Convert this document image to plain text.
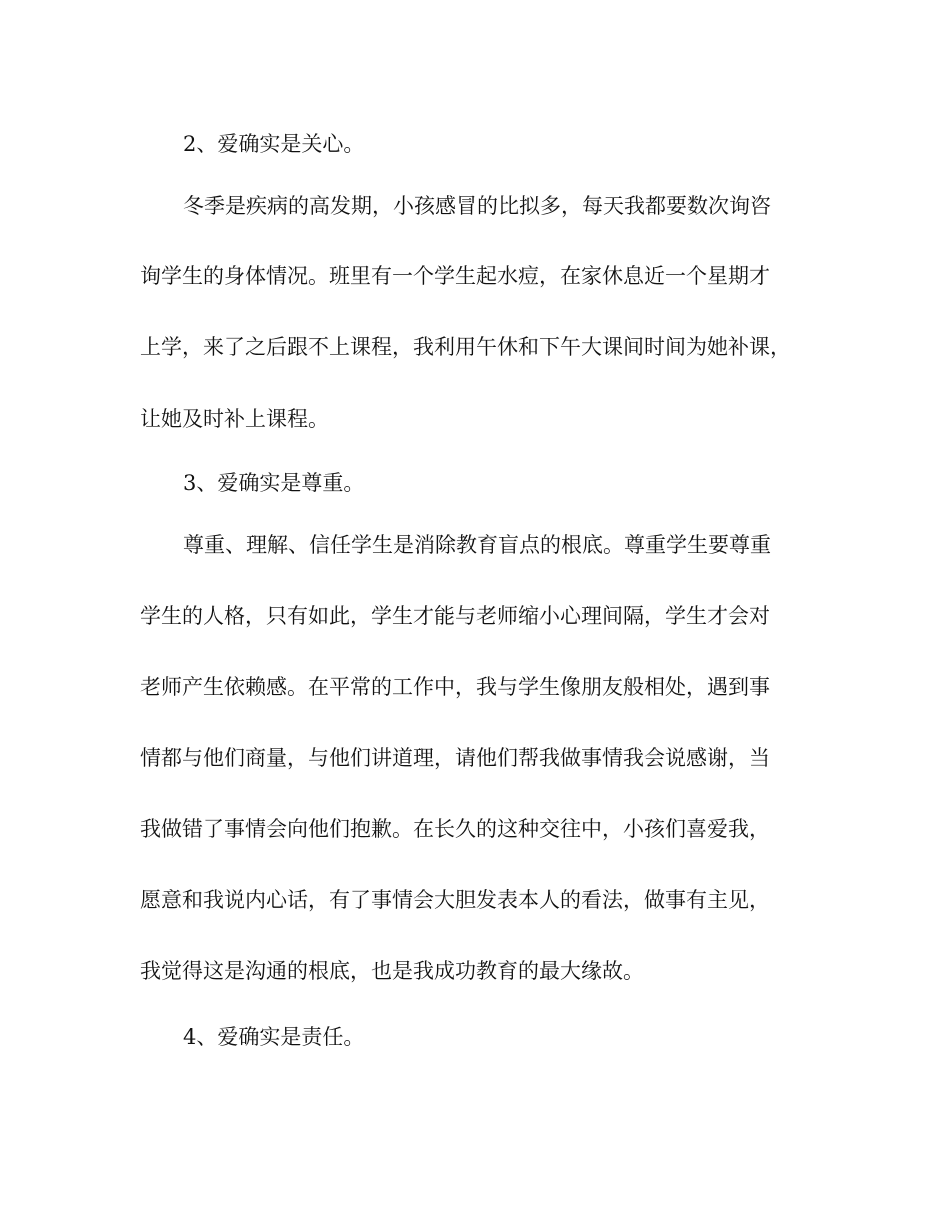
2、爱确实是关心。

冬季是疾病的高发期，小孩感冒的比拟多，每天我都要数次询咨

询学生的身体情况。班里有一个学生起水痘，在家休息近一个星期才

上学，来了之后跟不上课程，我利用午休和下午大课间时间为她补课，

让她及时补上课程。

3、爱确实是尊重。

尊重、理解、信任学生是消除教育盲点的根底。尊重学生要尊重

学生的人格，只有如此，学生才能与老师缩小心理间隔，学生才会对

老师产生依赖感。在平常的工作中，我与学生像朋友般相处，遇到事

情都与他们商量，与他们讲道理，请他们帮我做事情我会说感谢，当

我做错了事情会向他们抱歉。在长久的这种交往中，小孩们喜爱我，

愿意和我说内心话，有了事情会大胆发表本人的看法，做事有主见，

我觉得这是沟通的根底，也是我成功教育的最大缘故。

4、爱确实是责任。
